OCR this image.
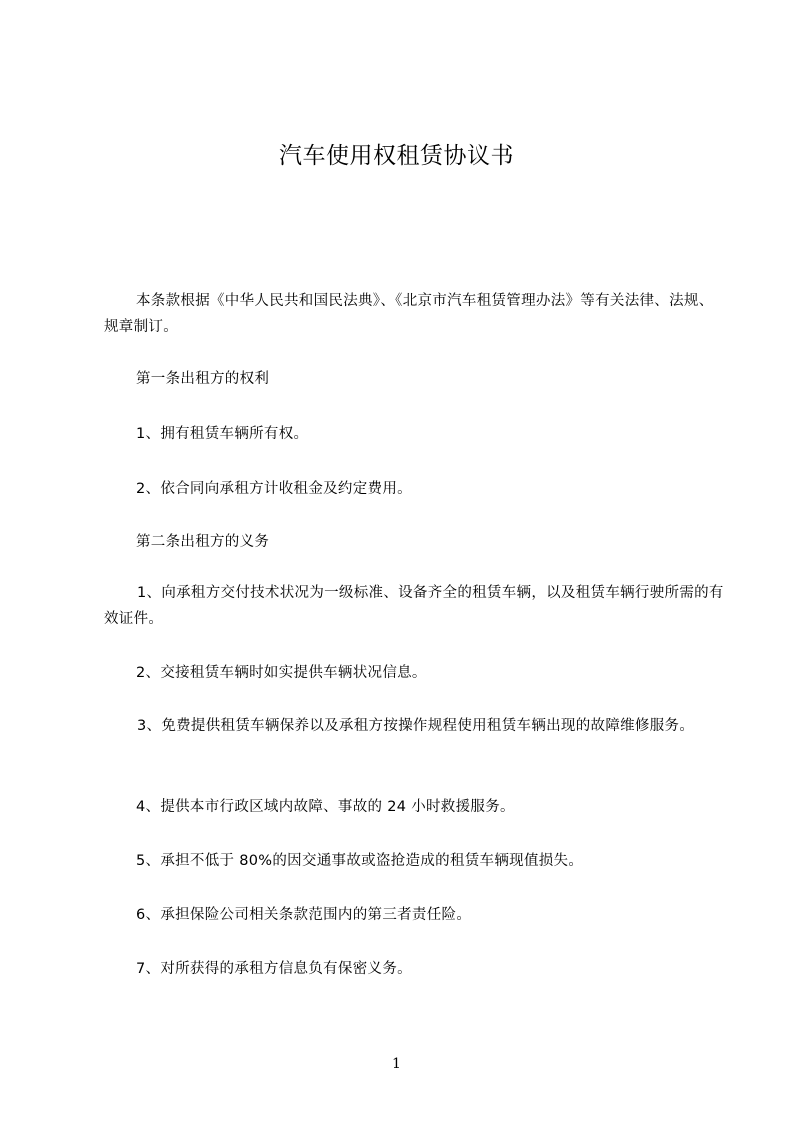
汽车使用权租赁协议书
本条款根据《中华人民共和国民法典》、《北京市汽车租赁管理办法》等有关法律、法规、规章制订。
第一条出租方的权利
1、拥有租赁车辆所有权。
2、依合同向承租方计收租金及约定费用。
第二条出租方的义务
1、向承租方交付技术状况为一级标准、设备齐全的租赁车辆，以及租赁车辆行驶所需的有效证件。
2、交接租赁车辆时如实提供车辆状况信息。
3、免费提供租赁车辆保养以及承租方按操作规程使用租赁车辆出现的故障维修服务。
4、提供本市行政区域内故障、事故的 24 小时救援服务。
5、承担不低于 80%的因交通事故或盗抢造成的租赁车辆现值损失。
6、承担保险公司相关条款范围内的第三者责任险。
7、对所获得的承租方信息负有保密义务。
1
